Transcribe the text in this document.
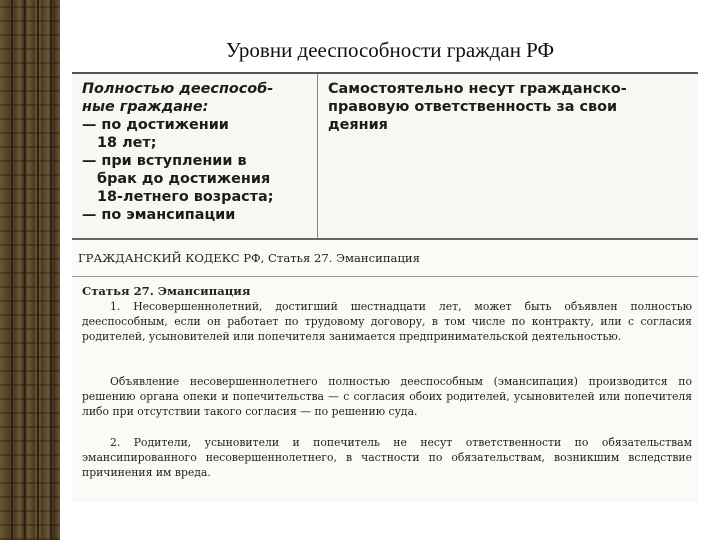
Уровни дееспособности граждан РФ
Полностью дееспособ-
ные граждане:
— по достижении
18 лет;
— при вступлении в
брак до достижения
18-летнего возраста;
— по эмансипации
Самостоятельно несут гражданско-
правовую ответственность за свои
деяния
ГРАЖДАНСКИЙ КОДЕКС РФ, Статья 27. Эмансипация
Статья 27. Эмансипация
1. Несовершеннолетний, достигший шестнадцати лет, может быть объявлен полностью дееспособным, если он работает по трудовому договору, в том числе по контракту, или с согласия родителей, усыновителей или попечителя занимается предпринимательской деятельностью.
Объявление несовершеннолетнего полностью дееспособным (эмансипация) производится по решению органа опеки и попечительства — с согласия обоих родителей, усыновителей или попечителя либо при отсутствии такого согласия — по решению суда.
2. Родители, усыновители и попечитель не несут ответственности по обязательствам эмансипированного несовершеннолетнего, в частности по обязательствам, возникшим вследствие причинения им вреда.
